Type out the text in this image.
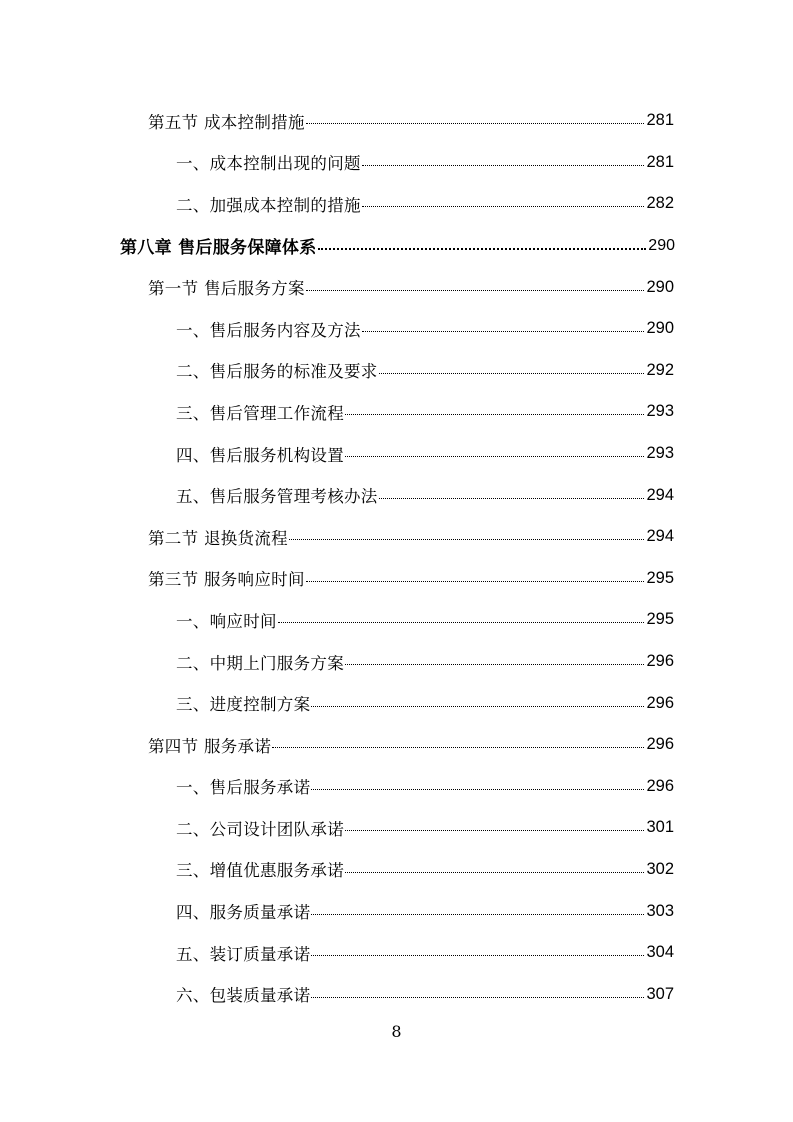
第五节 成本控制措施	281
一、成本控制出现的问题	281
二、加强成本控制的措施	282
第八章 售后服务保障体系	290
第一节 售后服务方案	290
一、售后服务内容及方法	290
二、售后服务的标准及要求	292
三、售后管理工作流程	293
四、售后服务机构设置	293
五、售后服务管理考核办法	294
第二节 退换货流程	294
第三节 服务响应时间	295
一、响应时间	295
二、中期上门服务方案	296
三、进度控制方案	296
第四节 服务承诺	296
一、售后服务承诺	296
二、公司设计团队承诺	301
三、增值优惠服务承诺	302
四、服务质量承诺	303
五、装订质量承诺	304
六、包装质量承诺	307
8
